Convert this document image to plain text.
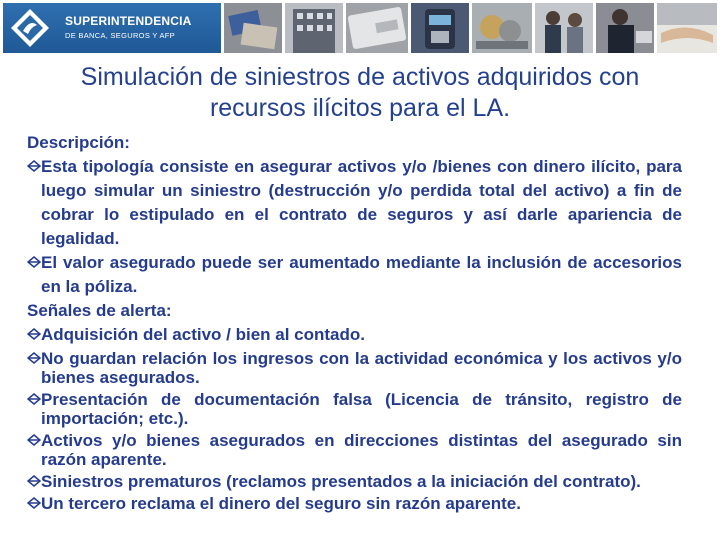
SUPERINTENDENCIA
DE BANCA, SEGUROS Y AFP
Simulación de siniestros de activos adquiridos con recursos ilícitos para el LA.

Descripción:

Esta tipología consiste en asegurar activos y/o /bienes con dinero ilícito, para luego simular un siniestro (destrucción y/o perdida total del activo) a fin de cobrar lo estipulado en el contrato de seguros y así darle apariencia de legalidad.

El valor asegurado puede ser aumentado mediante la inclusión de accesorios en la póliza.

Señales de alerta:

Adquisición del activo / bien al contado.

No guardan relación los ingresos con la actividad económica y los activos y/o bienes asegurados.

Presentación de documentación falsa (Licencia de tránsito, registro de importación; etc.).

Activos y/o bienes asegurados en direcciones distintas del asegurado sin razón aparente.

Siniestros prematuros (reclamos presentados a la iniciación del contrato).

Un tercero reclama el dinero del seguro sin razón aparente.
